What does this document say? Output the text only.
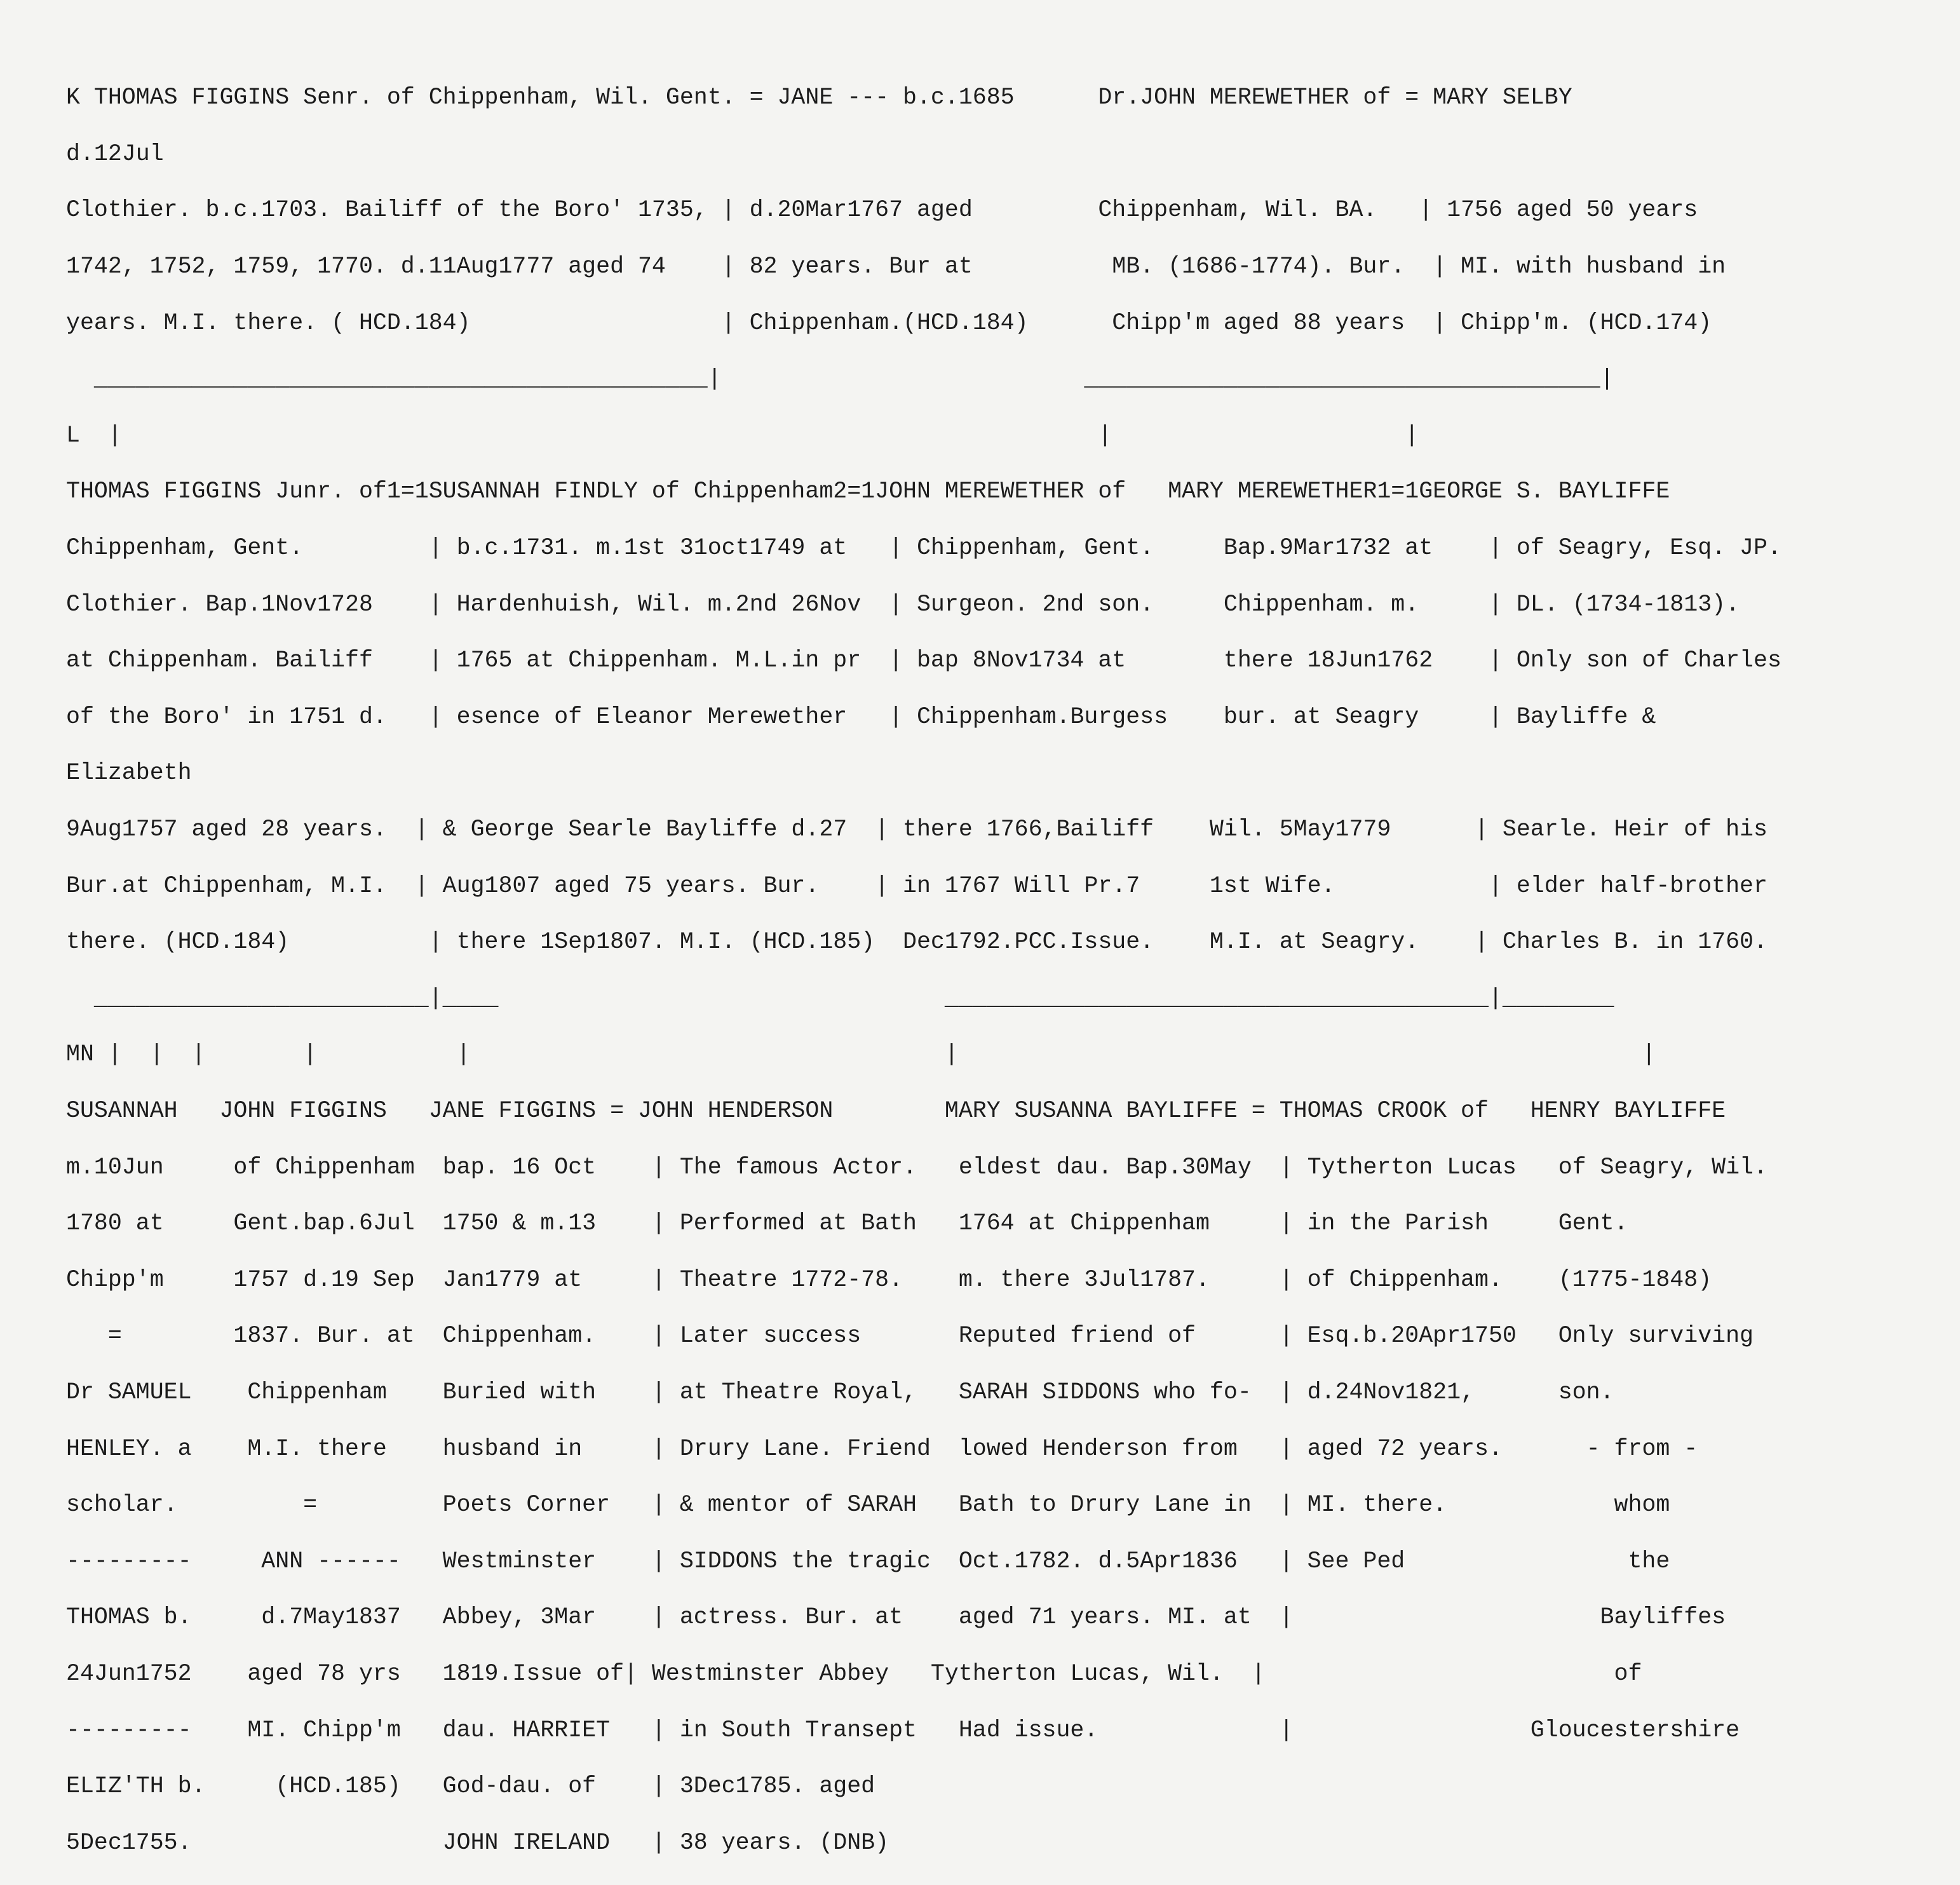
K THOMAS FIGGINS Senr. of Chippenham, Wil. Gent. = JANE --- b.c.1685      Dr.JOHN MEREWETHER of = MARY SELBY

d.12Jul

Clothier. b.c.1703. Bailiff of the Boro' 1735, | d.20Mar1767 aged         Chippenham, Wil. BA.   | 1756 aged 50 years

1742, 1752, 1759, 1770. d.11Aug1777 aged 74    | 82 years. Bur at          MB. (1686-1774). Bur.  | MI. with husband in

years. M.I. there. ( HCD.184)                  | Chippenham.(HCD.184)      Chipp'm aged 88 years  | Chipp'm. (HCD.174)

____________________________________________|                          _____________________________________|

L  |                                                                      |                     |

THOMAS FIGGINS Junr. of1=1SUSANNAH FINDLY of Chippenham2=1JOHN MEREWETHER of   MARY MEREWETHER1=1GEORGE S. BAYLIFFE

Chippenham, Gent.         | b.c.1731. m.1st 31oct1749 at   | Chippenham, Gent.     Bap.9Mar1732 at    | of Seagry, Esq. JP.

Clothier. Bap.1Nov1728    | Hardenhuish, Wil. m.2nd 26Nov  | Surgeon. 2nd son.     Chippenham. m.     | DL. (1734-1813).

at Chippenham. Bailiff    | 1765 at Chippenham. M.L.in pr  | bap 8Nov1734 at       there 18Jun1762    | Only son of Charles

of the Boro' in 1751 d.   | esence of Eleanor Merewether   | Chippenham.Burgess    bur. at Seagry     | Bayliffe &

Elizabeth

9Aug1757 aged 28 years.  | & George Searle Bayliffe d.27  | there 1766,Bailiff    Wil. 5May1779      | Searle. Heir of his

Bur.at Chippenham, M.I.  | Aug1807 aged 75 years. Bur.    | in 1767 Will Pr.7     1st Wife.           | elder half-brother

there. (HCD.184)          | there 1Sep1807. M.I. (HCD.185)  Dec1792.PCC.Issue.    M.I. at Seagry.    | Charles B. in 1760.

________________________|____                                _______________________________________|________

MN |  |  |       |          |                                  |                                                 |

SUSANNAH   JOHN FIGGINS   JANE FIGGINS = JOHN HENDERSON        MARY SUSANNA BAYLIFFE = THOMAS CROOK of   HENRY BAYLIFFE

m.10Jun     of Chippenham  bap. 16 Oct    | The famous Actor.   eldest dau. Bap.30May  | Tytherton Lucas   of Seagry, Wil.

1780 at     Gent.bap.6Jul  1750 & m.13    | Performed at Bath   1764 at Chippenham     | in the Parish     Gent.

Chipp'm     1757 d.19 Sep  Jan1779 at     | Theatre 1772-78.    m. there 3Jul1787.     | of Chippenham.    (1775-1848)

=        1837. Bur. at  Chippenham.    | Later success       Reputed friend of      | Esq.b.20Apr1750   Only surviving

Dr SAMUEL    Chippenham    Buried with    | at Theatre Royal,   SARAH SIDDONS who fo-  | d.24Nov1821,      son.

HENLEY. a    M.I. there    husband in     | Drury Lane. Friend  lowed Henderson from   | aged 72 years.      - from -

scholar.         =         Poets Corner   | & mentor of SARAH   Bath to Drury Lane in  | MI. there.            whom

---------     ANN ------   Westminster    | SIDDONS the tragic  Oct.1782. d.5Apr1836   | See Ped                the

THOMAS b.     d.7May1837   Abbey, 3Mar    | actress. Bur. at    aged 71 years. MI. at  |                      Bayliffes

24Jun1752    aged 78 yrs   1819.Issue of| Westminster Abbey   Tytherton Lucas, Wil.  |                         of

---------    MI. Chipp'm   dau. HARRIET   | in South Transept   Had issue.             |                 Gloucestershire

ELIZ'TH b.     (HCD.185)   God-dau. of    | 3Dec1785. aged

5Dec1755.                  JOHN IRELAND   | 38 years. (DNB)
